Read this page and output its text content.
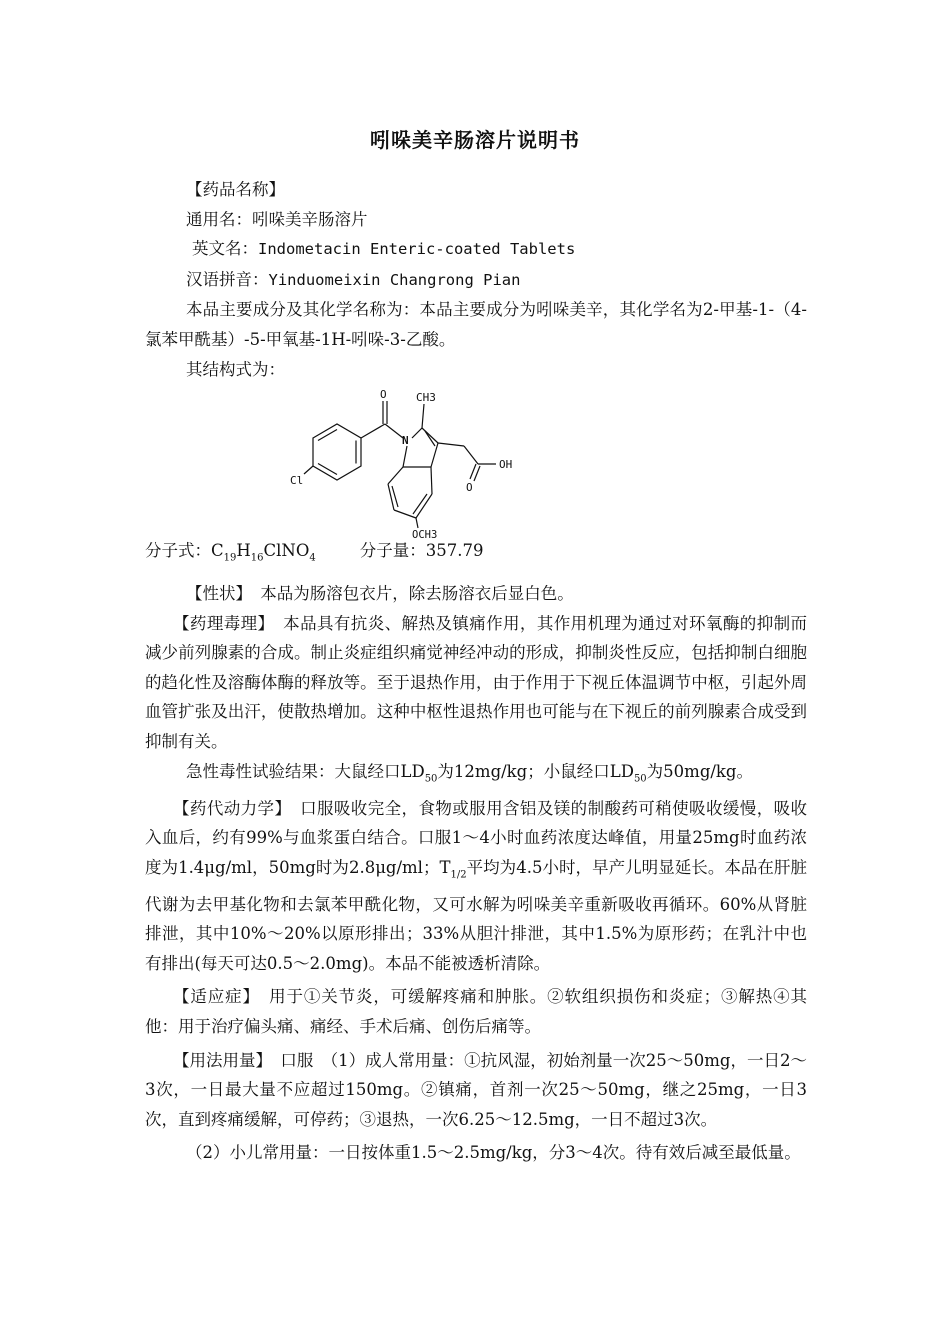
吲哚美辛肠溶片说明书

【药品名称】

通用名：吲哚美辛肠溶片

英文名：Indometacin Enteric-coated Tablets

汉语拼音：Yinduomeixin Changrong Pian

本品主要成分及其化学名称为：本品主要成分为吲哚美辛，其化学名为2-甲基-1-（4-氯苯甲酰基）-5-甲氧基-1H-吲哚-3-乙酸。

其结构式为：

O	CH3
N
Cl
OH
O
OCH3

分子式：$C_{19}H_{16}ClNO_4$	分子量：357.79

【性状】　 本品为肠溶包衣片，除去肠溶衣后显白色。

【药理毒理】　 本品具有抗炎、解热及镇痛作用，其作用机理为通过对环氧酶的抑制而减少前列腺素的合成。制止炎症组织痛觉神经冲动的形成，抑制炎性反应，包括抑制白细胞的趋化性及溶酶体酶的释放等。至于退热作用，由于作用于下视丘体温调节中枢，引起外周血管扩张及出汗，使散热增加。这种中枢性退热作用也可能与在下视丘的前列腺素合成受到抑制有关。

急性毒性试验结果：大鼠经口$LD_{50}$为12mg/kg；小鼠经口$LD_{50}$为50mg/kg。

【药代动力学】　 口服吸收完全，食物或服用含铝及镁的制酸药可稍使吸收缓慢，吸收入血后，约有99%与血浆蛋白结合。口服1～4小时血药浓度达峰值，用量25mg时血药浓度为1.4μg/ml，50mg时为2.8μg/ml；$T_{1/2}$平均为4.5小时，早产儿明显延长。本品在肝脏代谢为去甲基化物和去氯苯甲酰化物，又可水解为吲哚美辛重新吸收再循环。60%从肾脏排泄，其中10%～20%以原形排出；33%从胆汁排泄，其中1.5%为原形药；在乳汁中也有排出(每天可达0.5～2.0mg)。本品不能被透析清除。

【适应症】　 用于①关节炎，可缓解疼痛和肿胀。②软组织损伤和炎症；③解热④其他：用于治疗偏头痛、痛经、手术后痛、创伤后痛等。

【用法用量】　 口服　（1）成人常用量：①抗风湿，初始剂量一次25～50mg，一日2～3次，一日最大量不应超过150mg。②镇痛，首剂一次25～50mg，继之25mg，一日3次，直到疼痛缓解，可停药；③退热，一次6.25～12.5mg，一日不超过3次。

（2）小儿常用量：一日按体重1.5～2.5mg/kg，分3～4次。待有效后减至最低量。
